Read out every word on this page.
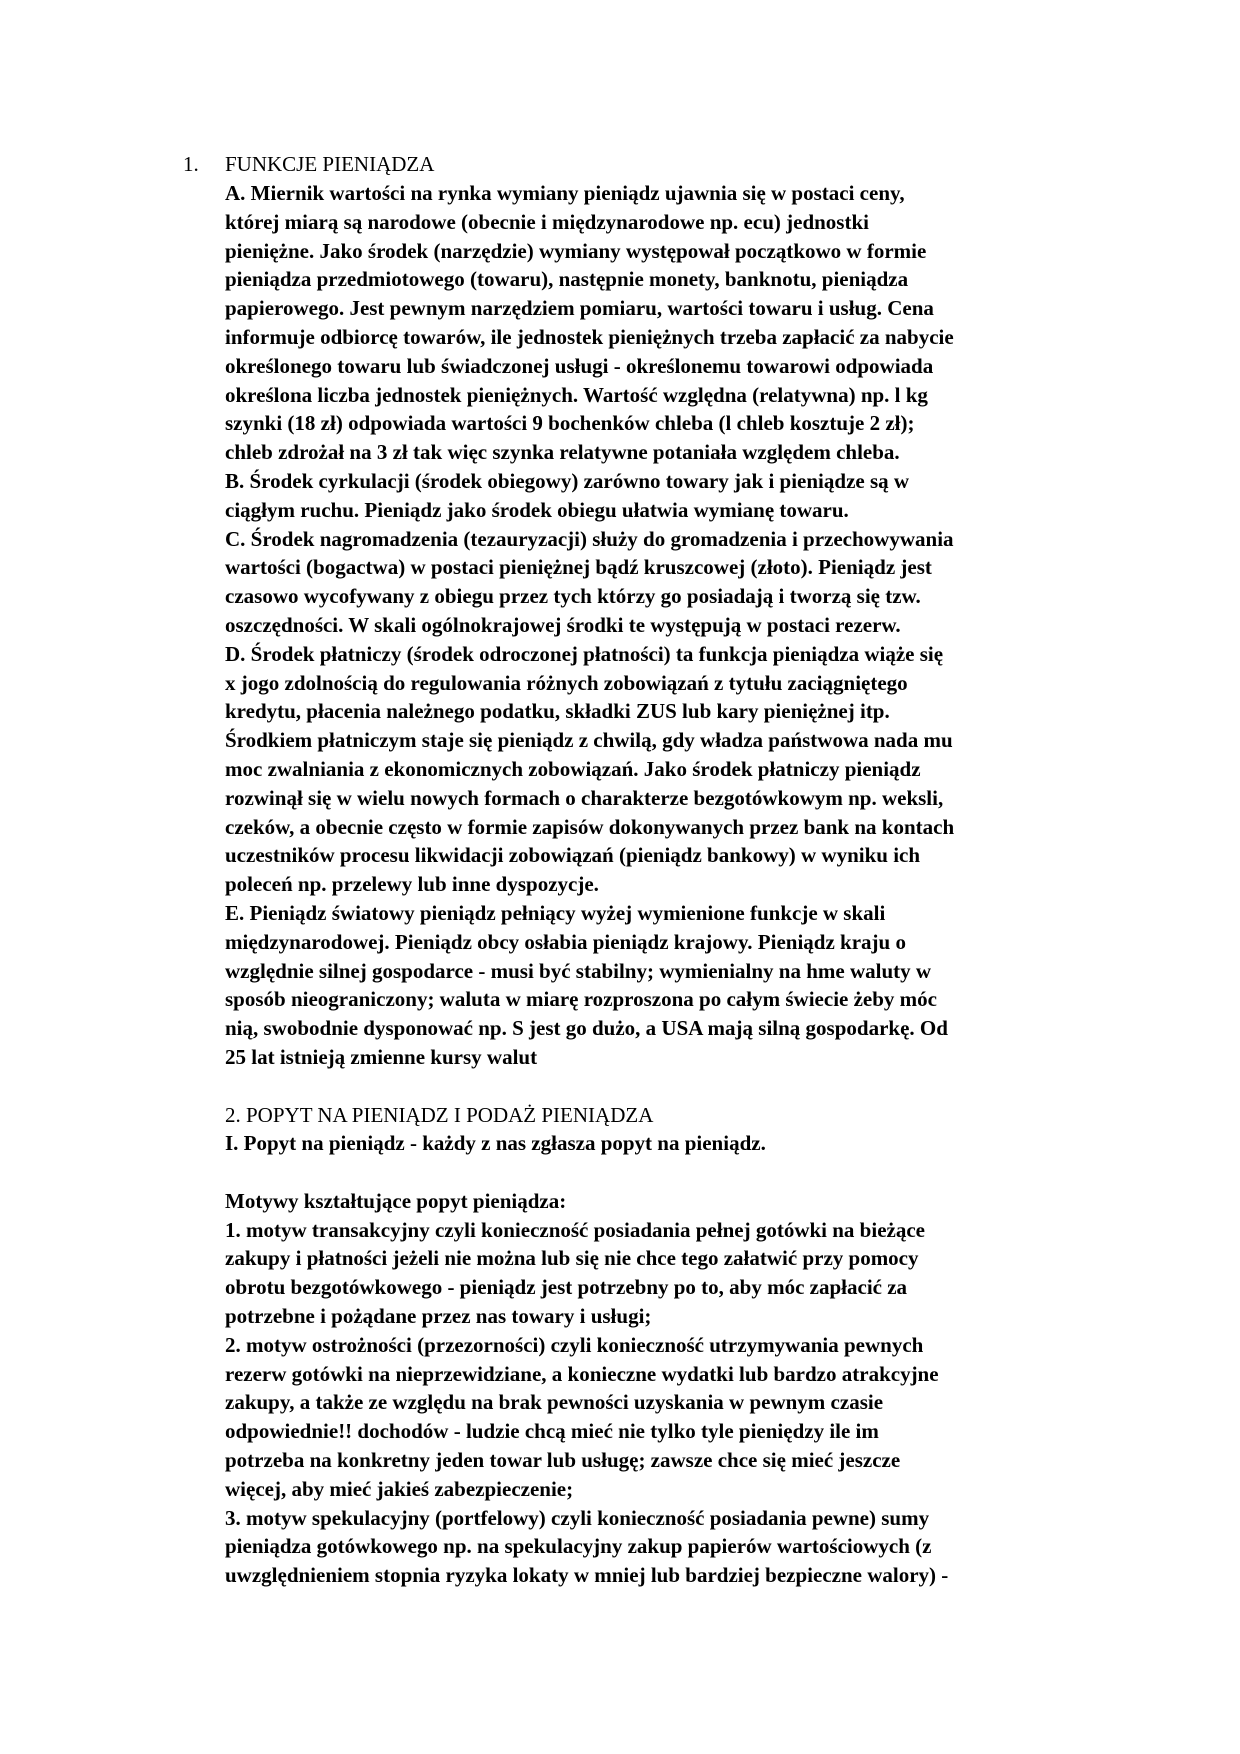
1. FUNKCJE PIENIĄDZA
A. Miernik wartości na rynka wymiany pieniądz ujawnia się w postaci ceny,
której miarą są narodowe (obecnie i międzynarodowe np. ecu) jednostki
pieniężne. Jako środek (narzędzie) wymiany występował początkowo w formie
pieniądza przedmiotowego (towaru), następnie monety, banknotu, pieniądza
papierowego. Jest pewnym narzędziem pomiaru, wartości towaru i usług. Cena
informuje odbiorcę towarów, ile jednostek pieniężnych trzeba zapłacić za nabycie
określonego towaru lub świadczonej usługi - określonemu towarowi odpowiada
określona liczba jednostek pieniężnych. Wartość względna (relatywna) np. l kg
szynki (18 zł) odpowiada wartości 9 bochenków chleba (l chleb kosztuje 2 zł);
chleb zdrożał na 3 zł tak więc szynka relatywne potaniała względem chleba.
B. Środek cyrkulacji (środek obiegowy) zarówno towary jak i pieniądze są w
ciągłym ruchu. Pieniądz jako środek obiegu ułatwia wymianę towaru.
C. Środek nagromadzenia (tezauryzacji) służy do gromadzenia i przechowywania
wartości (bogactwa) w postaci pieniężnej bądź kruszcowej (złoto). Pieniądz jest
czasowo wycofywany z obiegu przez tych którzy go posiadają i tworzą się tzw.
oszczędności. W skali ogólnokrajowej środki te występują w postaci rezerw.
D. Środek płatniczy (środek odroczonej płatności) ta funkcja pieniądza wiąże się
x jogo zdolnością do regulowania różnych zobowiązań z tytułu zaciągniętego
kredytu, płacenia należnego podatku, składki ZUS lub kary pieniężnej itp.
Środkiem płatniczym staje się pieniądz z chwilą, gdy władza państwowa nada mu
moc zwalniania z ekonomicznych zobowiązań. Jako środek płatniczy pieniądz
rozwinął się w wielu nowych formach o charakterze bezgotówkowym np. weksli,
czeków, a obecnie często w formie zapisów dokonywanych przez bank na kontach
uczestników procesu likwidacji zobowiązań (pieniądz bankowy) w wyniku ich
poleceń np. przelewy lub inne dyspozycje.
E. Pieniądz światowy pieniądz pełniący wyżej wymienione funkcje w skali
międzynarodowej. Pieniądz obcy osłabia pieniądz krajowy. Pieniądz kraju o
względnie silnej gospodarce - musi być stabilny; wymienialny na hme waluty w
sposób nieograniczony; waluta w miarę rozproszona po całym świecie żeby móc
nią, swobodnie dysponować np. S jest go dużo, a USA mają silną gospodarkę. Od
25 lat istnieją zmienne kursy walut
2. POPYT NA PIENIĄDZ I PODAŻ PIENIĄDZA
I. Popyt na pieniądz - każdy z nas zgłasza popyt na pieniądz.
Motywy kształtujące popyt pieniądza:
1. motyw transakcyjny czyli konieczność posiadania pełnej gotówki na bieżące
zakupy i płatności jeżeli nie można lub się nie chce tego załatwić przy pomocy
obrotu bezgotówkowego - pieniądz jest potrzebny po to, aby móc zapłacić za
potrzebne i pożądane przez nas towary i usługi;
2. motyw ostrożności (przezorności) czyli konieczność utrzymywania pewnych
rezerw gotówki na nieprzewidziane, a konieczne wydatki lub bardzo atrakcyjne
zakupy, a także ze względu na brak pewności uzyskania w pewnym czasie
odpowiednie!! dochodów - ludzie chcą mieć nie tylko tyle pieniędzy ile im
potrzeba na konkretny jeden towar lub usługę; zawsze chce się mieć jeszcze
więcej, aby mieć jakieś zabezpieczenie;
3. motyw spekulacyjny (portfelowy) czyli konieczność posiadania pewne) sumy
pieniądza gotówkowego np. na spekulacyjny zakup papierów wartościowych (z
uwzględnieniem stopnia ryzyka lokaty w mniej lub bardziej bezpieczne walory) -
